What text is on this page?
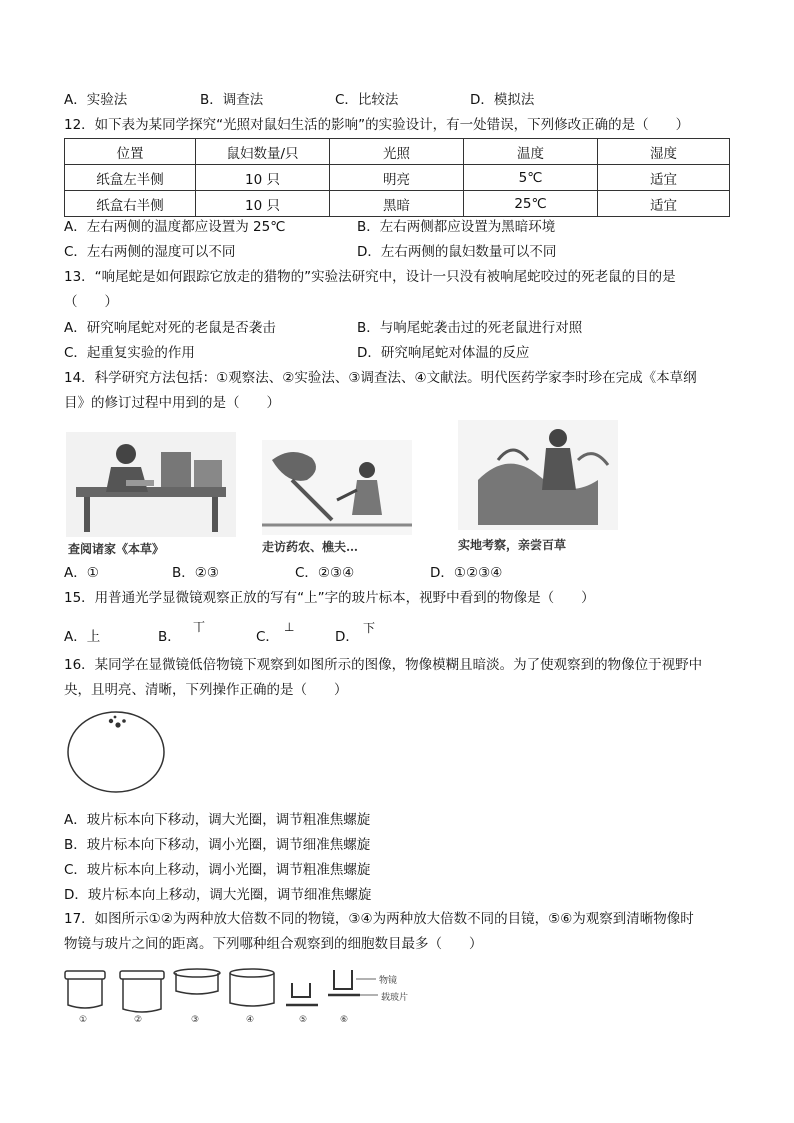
A．实验法	B．调查法	C．比较法	D．模拟法
12．如下表为某同学探究“光照对鼠妇生活的影响”的实验设计，有一处错误，下列修改正确的是（　　）
位置	鼠妇数量/只	光照	温度	湿度
纸盒左半侧	10 只	明亮	5℃	适宜
纸盒右半侧	10 只	黑暗	25℃	适宜
A．左右两侧的温度都应设置为 25℃	B．左右两侧都应设置为黑暗环境
C．左右两侧的湿度可以不同	D．左右两侧的鼠妇数量可以不同
13．“响尾蛇是如何跟踪它放走的猎物的”实验法研究中，设计一只没有被响尾蛇咬过的死老鼠的目的是
（　　）
A．研究响尾蛇对死的老鼠是否袭击	B．与响尾蛇袭击过的死老鼠进行对照
C．起重复实验的作用	D．研究响尾蛇对体温的反应
14．科学研究方法包括：①观察法、②实验法、③调查法、④文献法。明代医药学家李时珍在完成《本草纲
目》的修订过程中用到的是（　　）
查阅诸家《本草》	走访药农、樵夫…	实地考察，亲尝百草
A．①	B．②③	C．②③④	D．①②③④
15．用普通光学显微镜观察正放的写有“上”字的玻片标本，视野中看到的物像是（　　）
A．上	B．
丅
C．
⊥
D．
下
16．某同学在显微镜低倍物镜下观察到如图所示的图像，物像模糊且暗淡。为了使观察到的物像位于视野中
央，且明亮、清晰，下列操作正确的是（　　）
A．玻片标本向下移动，调大光圈，调节粗准焦螺旋
B．玻片标本向下移动，调小光圈，调节细准焦螺旋
C．玻片标本向上移动，调小光圈，调节粗准焦螺旋
D．玻片标本向上移动，调大光圈，调节细准焦螺旋
17．如图所示①②为两种放大倍数不同的物镜，③④为两种放大倍数不同的目镜，⑤⑥为观察到清晰物像时
物镜与玻片之间的距离。下列哪种组合观察到的细胞数目最多（　　）
物镜
载玻片
①	②	③	④	⑤	⑥
